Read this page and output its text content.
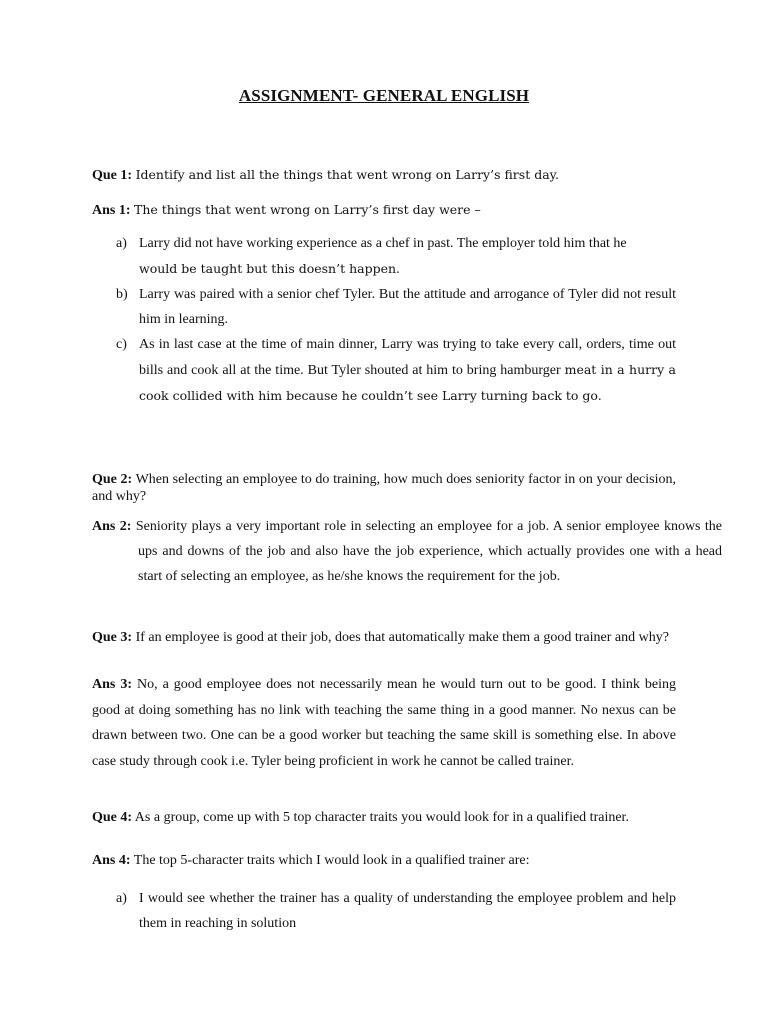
ASSIGNMENT- GENERAL ENGLISH
Que 1: Identify and list all the things that went wrong on Larry’s first day.
Ans 1: The things that went wrong on Larry’s first day were –
a) Larry did not have working experience as a chef in past. The employer told him that he
would be taught but this doesn’t happen.
b) Larry was paired with a senior chef Tyler. But the attitude and arrogance of Tyler did not result him in learning.
c) As in last case at the time of main dinner, Larry was trying to take every call, orders, time out bills and cook all at the time. But Tyler shouted at him to bring hamburger meat in a hurry a cook collided with him because he couldn’t see Larry turning back to go.
Que 2: When selecting an employee to do training, how much does seniority factor in on your decision, and why?
Ans 2: Seniority plays a very important role in selecting an employee for a job. A senior employee knows the ups and downs of the job and also have the job experience, which actually provides one with a head start of selecting an employee, as he/she knows the requirement for the job.
Que 3: If an employee is good at their job, does that automatically make them a good trainer and why?
Ans 3: No, a good employee does not necessarily mean he would turn out to be good. I think being good at doing something has no link with teaching the same thing in a good manner. No nexus can be drawn between two. One can be a good worker but teaching the same skill is something else. In above case study through cook i.e. Tyler being proficient in work he cannot be called trainer.
Que 4: As a group, come up with 5 top character traits you would look for in a qualified trainer.
Ans 4: The top 5-character traits which I would look in a qualified trainer are:
a) I would see whether the trainer has a quality of understanding the employee problem and help them in reaching in solution
